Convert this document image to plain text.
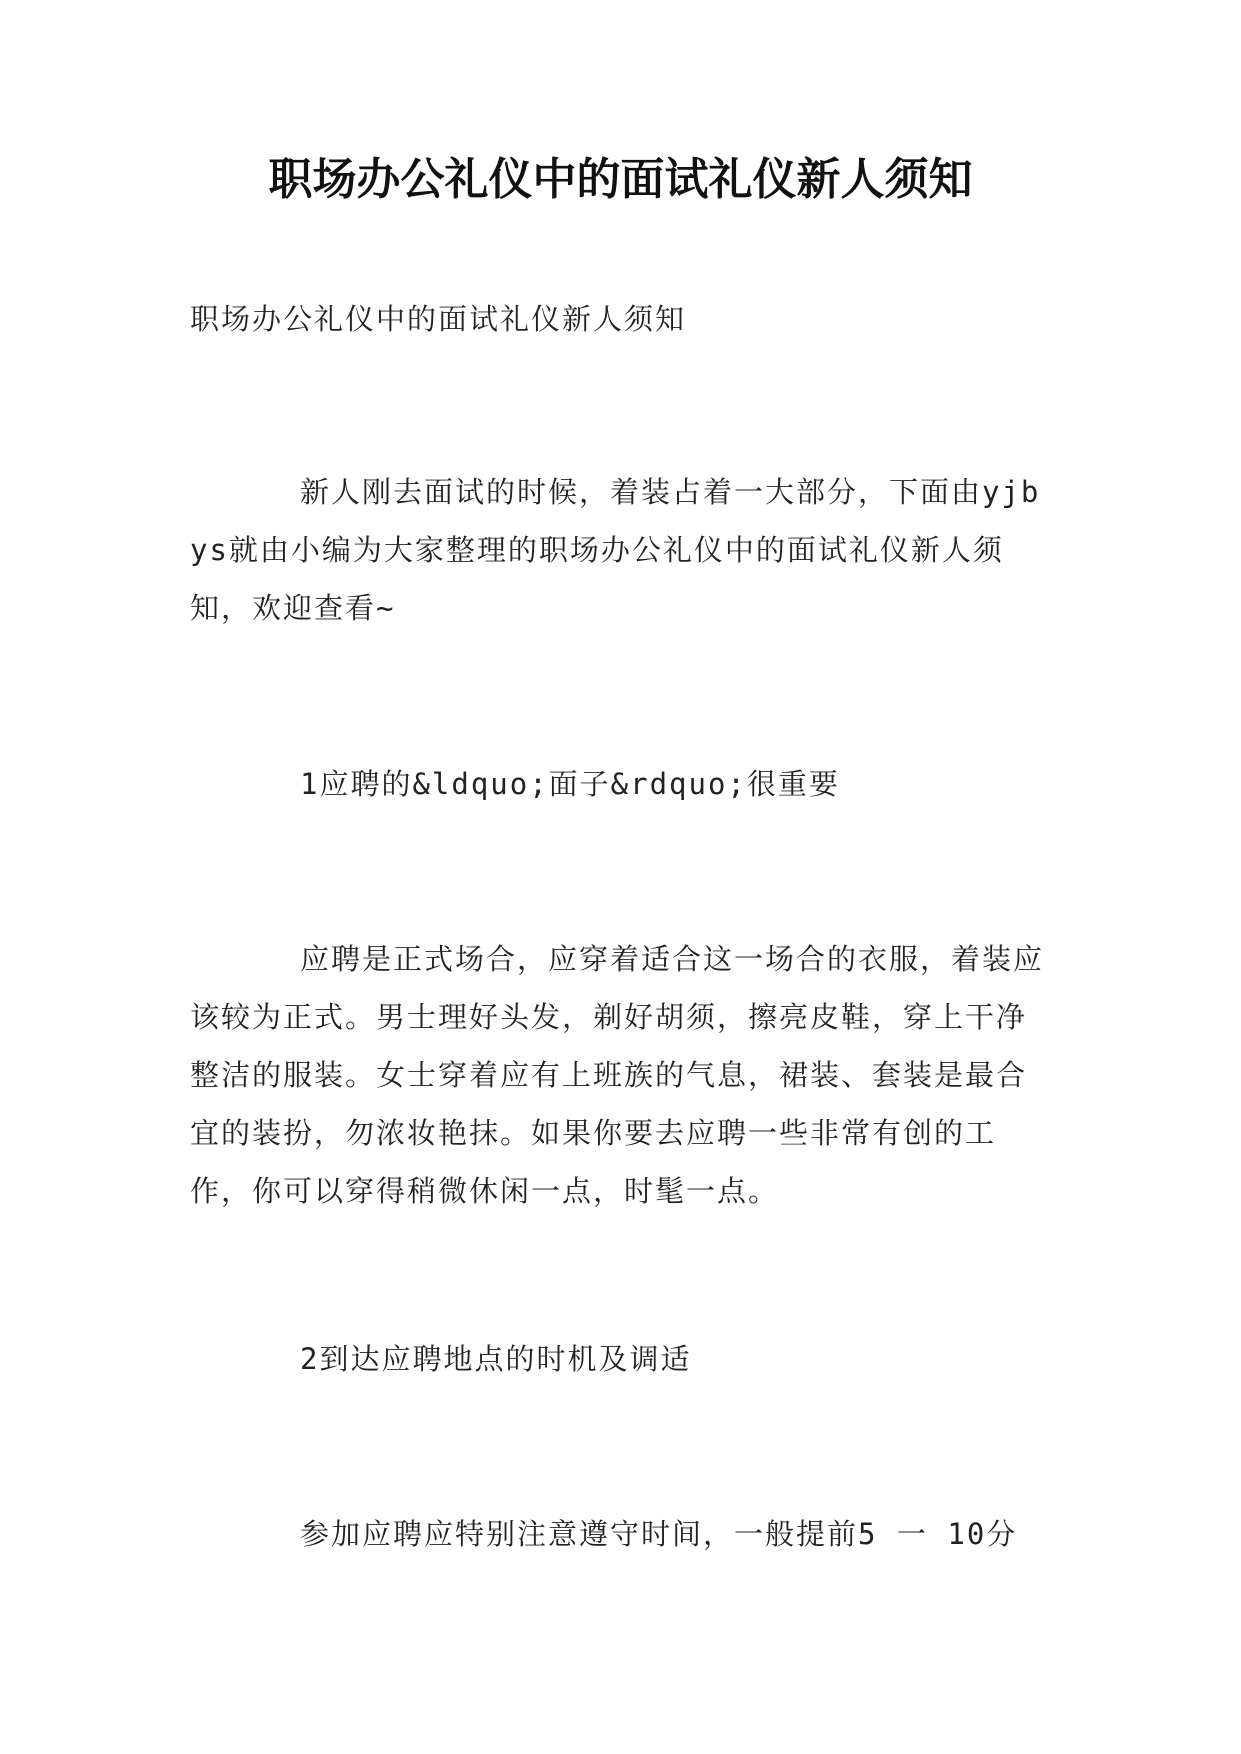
职场办公礼仪中的面试礼仪新人须知

职场办公礼仪中的面试礼仪新人须知

新人刚去面试的时候，着装占着一大部分，下面由yjbys就由小编为大家整理的职场办公礼仪中的面试礼仪新人须知，欢迎查看~

1应聘的&ldquo;面子&rdquo;很重要

应聘是正式场合，应穿着适合这一场合的衣服，着装应该较为正式。男士理好头发，剃好胡须，擦亮皮鞋，穿上干净整洁的服装。女士穿着应有上班族的气息，裙装、套装是最合宜的装扮，勿浓妆艳抹。如果你要去应聘一些非常有创的工作，你可以穿得稍微休闲一点，时髦一点。

2到达应聘地点的时机及调适

参加应聘应特别注意遵守时间，一般提前5 一 10分
